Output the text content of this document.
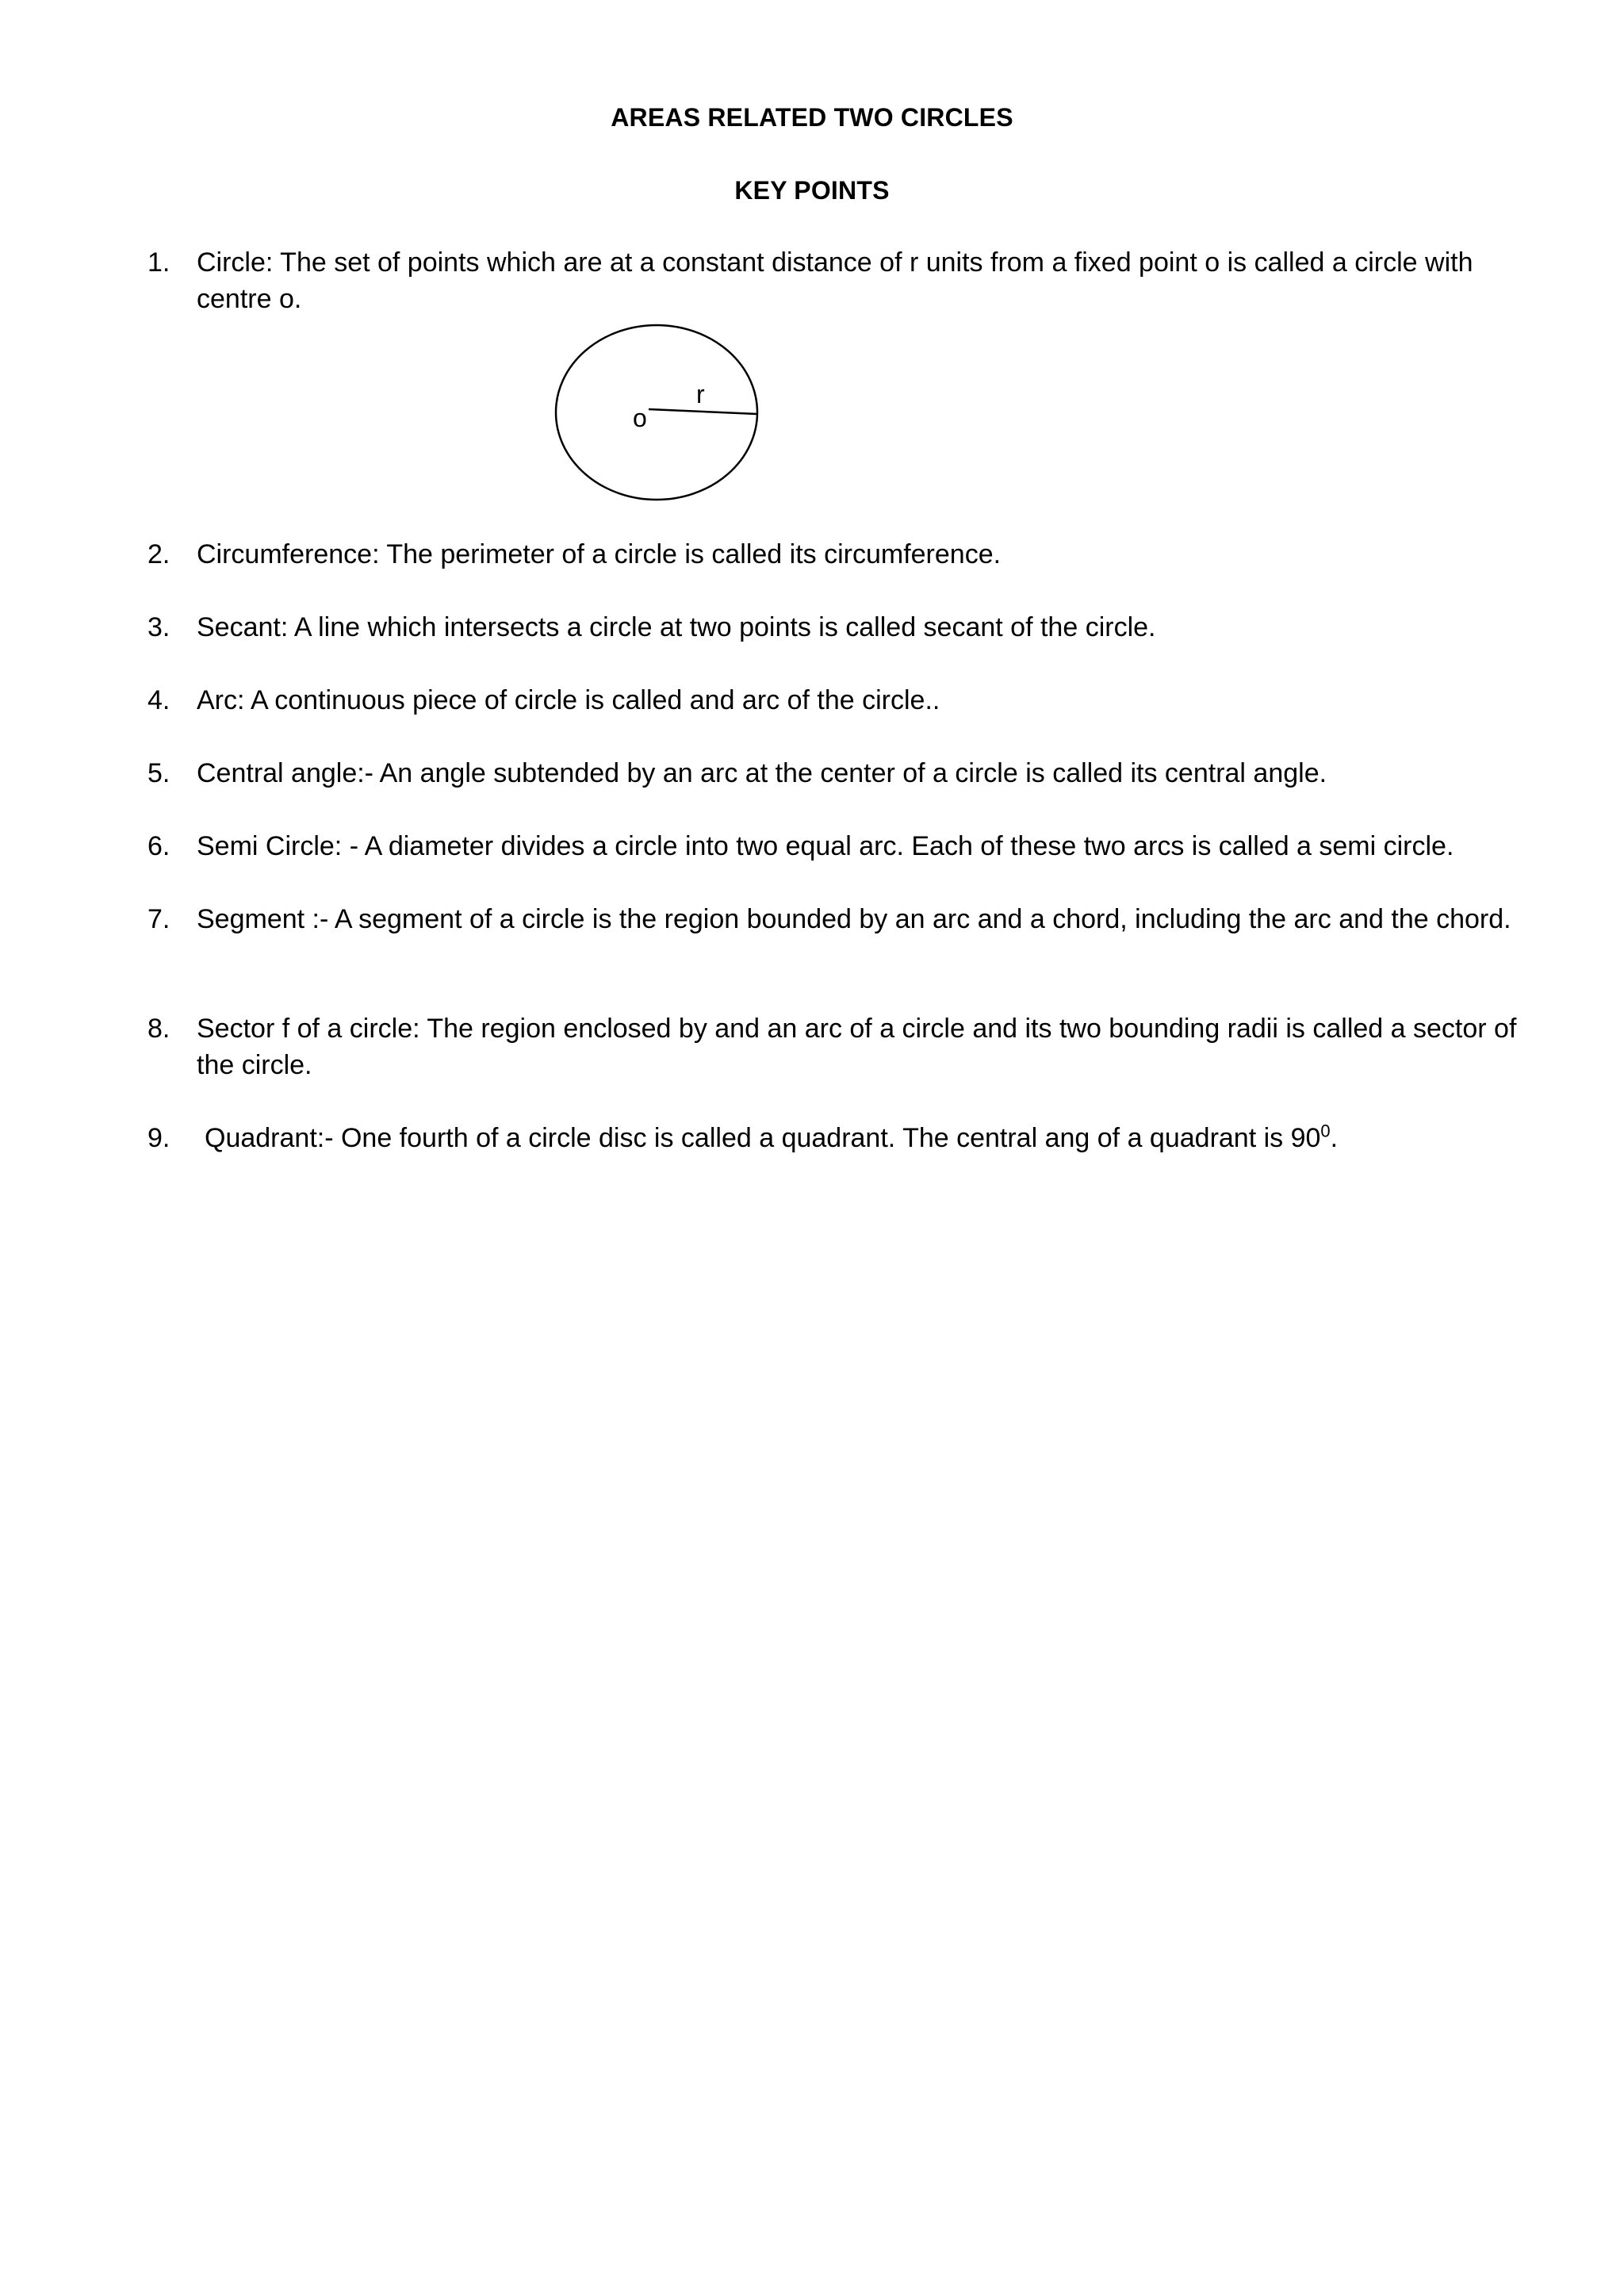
AREAS RELATED TWO CIRCLES
KEY POINTS
1. Circle: The set of points which are at a constant distance of r units from a fixed point o is called a circle with centre o.
r
o
2. Circumference: The perimeter of a circle is called its circumference.
3. Secant: A line which intersects a circle at two points is called secant of the circle.
4. Arc: A continuous piece of circle is called and arc of the circle..
5. Central angle:- An angle subtended by an arc at the center of a circle is called its central angle.
6. Semi Circle: - A diameter divides a circle into two equal arc. Each of these two arcs is called a semi circle.
7. Segment :- A segment of a circle is the region bounded by an arc and a chord, including the arc and the chord.
8. Sector f of a circle: The region enclosed by and an arc of a circle and its two bounding radii is called a sector of the circle.
9.	Quadrant:- One fourth of a circle disc is called a quadrant. The central ang of a quadrant is $90^0$.
